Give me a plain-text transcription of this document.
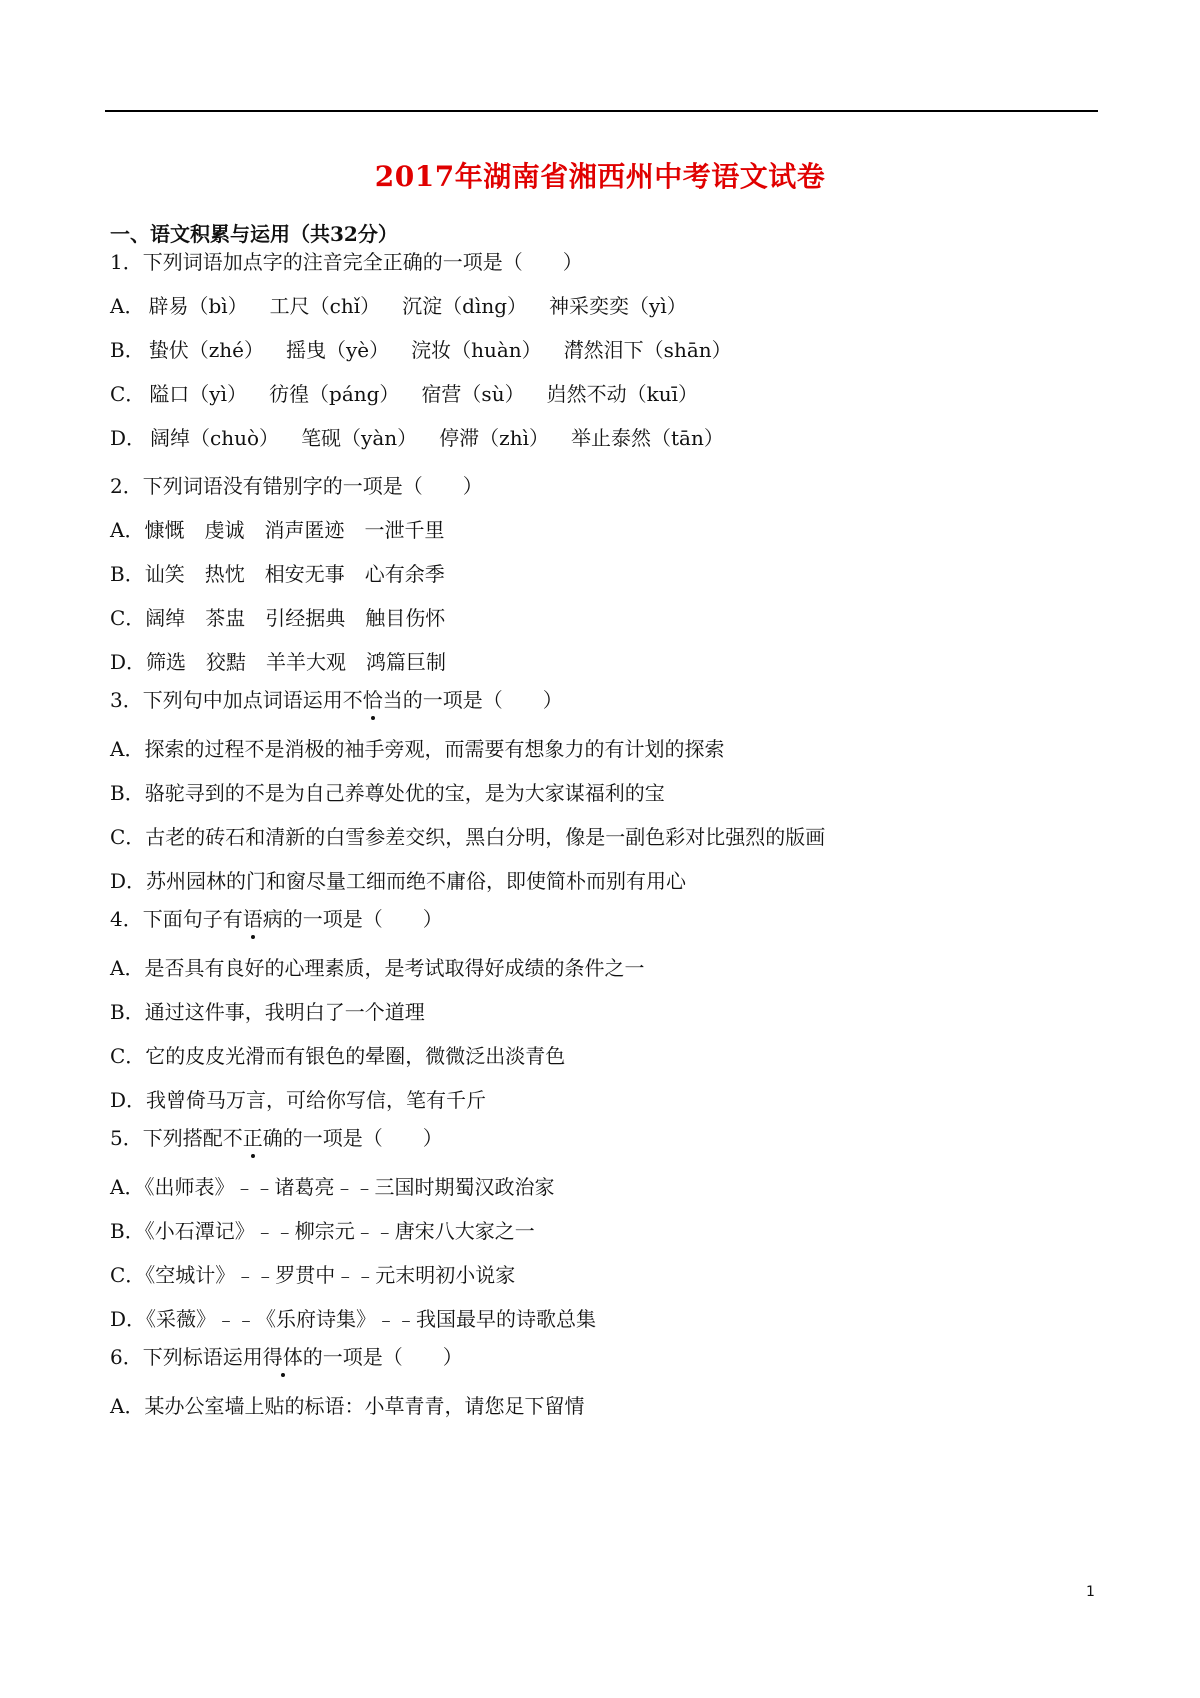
2017年湖南省湘西州中考语文试卷
一、语文积累与运用（共32分）
1．下列词语加点字的注音完全正确的一项是（　　）
A． 辟易（bì） 工尺（chǐ） 沉淀（dìng） 神采奕奕（yì）
B． 蛰伏（zhé） 摇曳（yè） 浣妆（huàn） 潸然泪下（shān）
C． 隘口（yì） 彷徨（páng） 宿营（sù） 岿然不动（kuī）
D． 阔绰（chuò） 笔砚（yàn） 停滞（zhì） 举止泰然（tān）
2．下列词语没有错别字的一项是（　　）
A．慷慨　虔诚　消声匿迹　一泄千里
B．讪笑　热忱　相安无事　心有余季
C．阔绰　茶盅　引经据典　触目伤怀
D．筛选　狡黠　羊羊大观　鸿篇巨制
3．下列句中加点词语运用不恰当的一项是（　　）
A．探索的过程不是消极的袖手旁观，而需要有想象力的有计划的探索
B．骆驼寻到的不是为自己养尊处优的宝，是为大家谋福利的宝
C．古老的砖石和清新的白雪参差交织，黑白分明，像是一副色彩对比强烈的版画
D．苏州园林的门和窗尽量工细而绝不庸俗，即使简朴而别有用心
4．下面句子有语病的一项是（　　）
A．是否具有良好的心理素质，是考试取得好成绩的条件之一
B．通过这件事，我明白了一个道理
C．它的皮皮光滑而有银色的晕圈，微微泛出淡青色
D．我曾倚马万言，可给你写信，笔有千斤
5．下列搭配不正确的一项是（　　）
A．《出师表》﹣﹣诸葛亮﹣﹣三国时期蜀汉政治家
B．《小石潭记》﹣﹣柳宗元﹣﹣唐宋八大家之一
C．《空城计》﹣﹣罗贯中﹣﹣元末明初小说家
D．《采薇》﹣﹣《乐府诗集》﹣﹣我国最早的诗歌总集
6．下列标语运用得体的一项是（　　）
A．某办公室墙上贴的标语：小草青青，请您足下留情
1
